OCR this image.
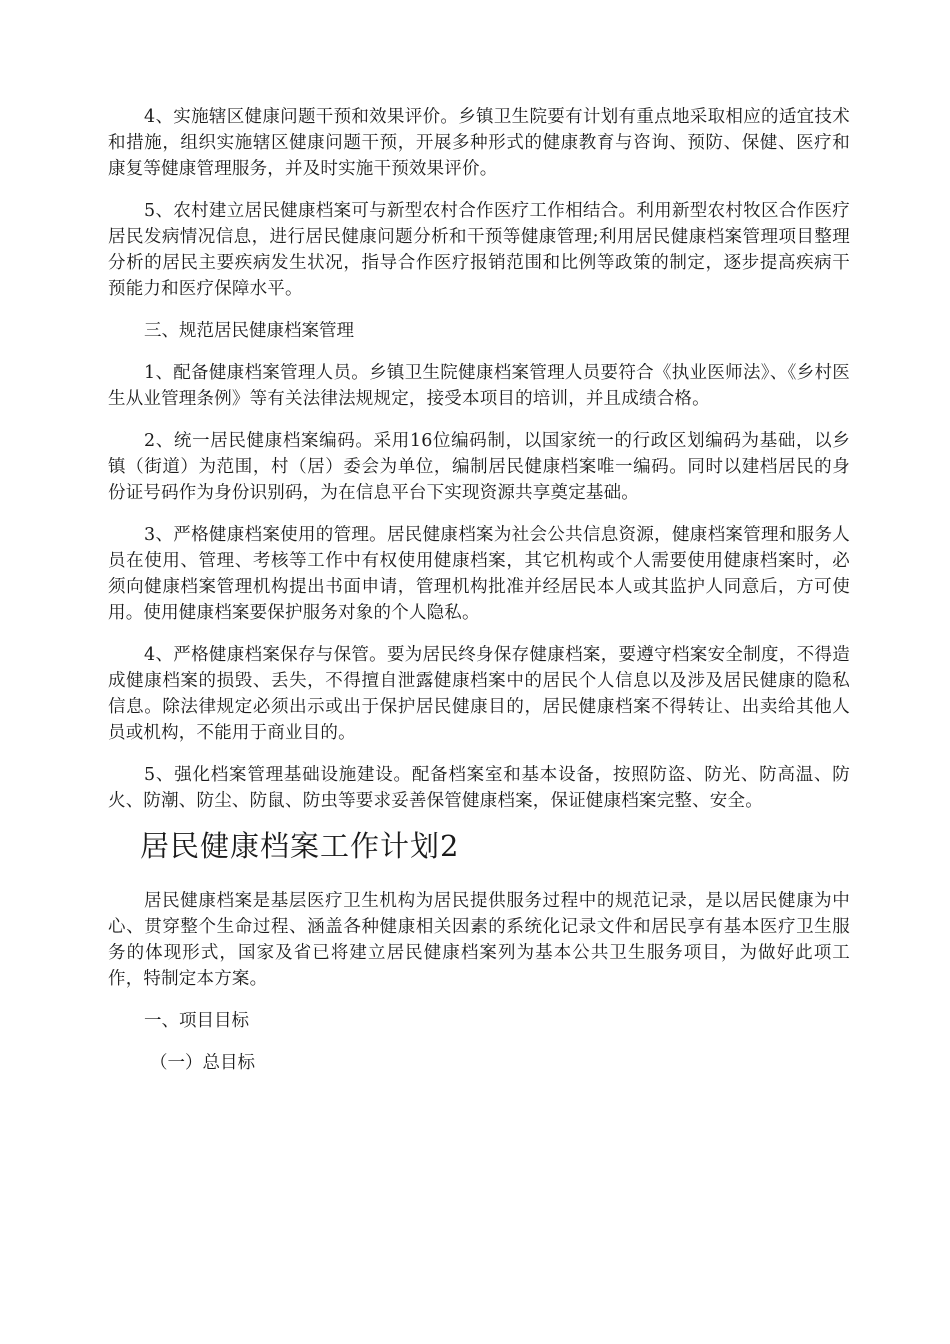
4、实施辖区健康问题干预和效果评价。乡镇卫生院要有计划有重点地采取相应的适宜技术和措施，组织实施辖区健康问题干预，开展多种形式的健康教育与咨询、预防、保健、医疗和康复等健康管理服务，并及时实施干预效果评价。

5、农村建立居民健康档案可与新型农村合作医疗工作相结合。利用新型农村牧区合作医疗居民发病情况信息，进行居民健康问题分析和干预等健康管理;利用居民健康档案管理项目整理分析的居民主要疾病发生状况，指导合作医疗报销范围和比例等政策的制定，逐步提高疾病干预能力和医疗保障水平。

三、规范居民健康档案管理

1、配备健康档案管理人员。乡镇卫生院健康档案管理人员要符合《执业医师法》、《乡村医生从业管理条例》等有关法律法规规定，接受本项目的培训，并且成绩合格。

2、统一居民健康档案编码。采用16位编码制，以国家统一的行政区划编码为基础，以乡镇（街道）为范围，村（居）委会为单位，编制居民健康档案唯一编码。同时以建档居民的身份证号码作为身份识别码，为在信息平台下实现资源共享奠定基础。

3、严格健康档案使用的管理。居民健康档案为社会公共信息资源，健康档案管理和服务人员在使用、管理、考核等工作中有权使用健康档案，其它机构或个人需要使用健康档案时，必须向健康档案管理机构提出书面申请，管理机构批准并经居民本人或其监护人同意后，方可使用。使用健康档案要保护服务对象的个人隐私。

4、严格健康档案保存与保管。要为居民终身保存健康档案，要遵守档案安全制度，不得造成健康档案的损毁、丢失，不得擅自泄露健康档案中的居民个人信息以及涉及居民健康的隐私信息。除法律规定必须出示或出于保护居民健康目的，居民健康档案不得转让、出卖给其他人员或机构，不能用于商业目的。

5、强化档案管理基础设施建设。配备档案室和基本设备，按照防盗、防光、防高温、防火、防潮、防尘、防鼠、防虫等要求妥善保管健康档案，保证健康档案完整、安全。

居民健康档案工作计划2

居民健康档案是基层医疗卫生机构为居民提供服务过程中的规范记录，是以居民健康为中心、贯穿整个生命过程、涵盖各种健康相关因素的系统化记录文件和居民享有基本医疗卫生服务的体现形式，国家及省已将建立居民健康档案列为基本公共卫生服务项目，为做好此项工作，特制定本方案。

一、项目目标

（一）总目标
